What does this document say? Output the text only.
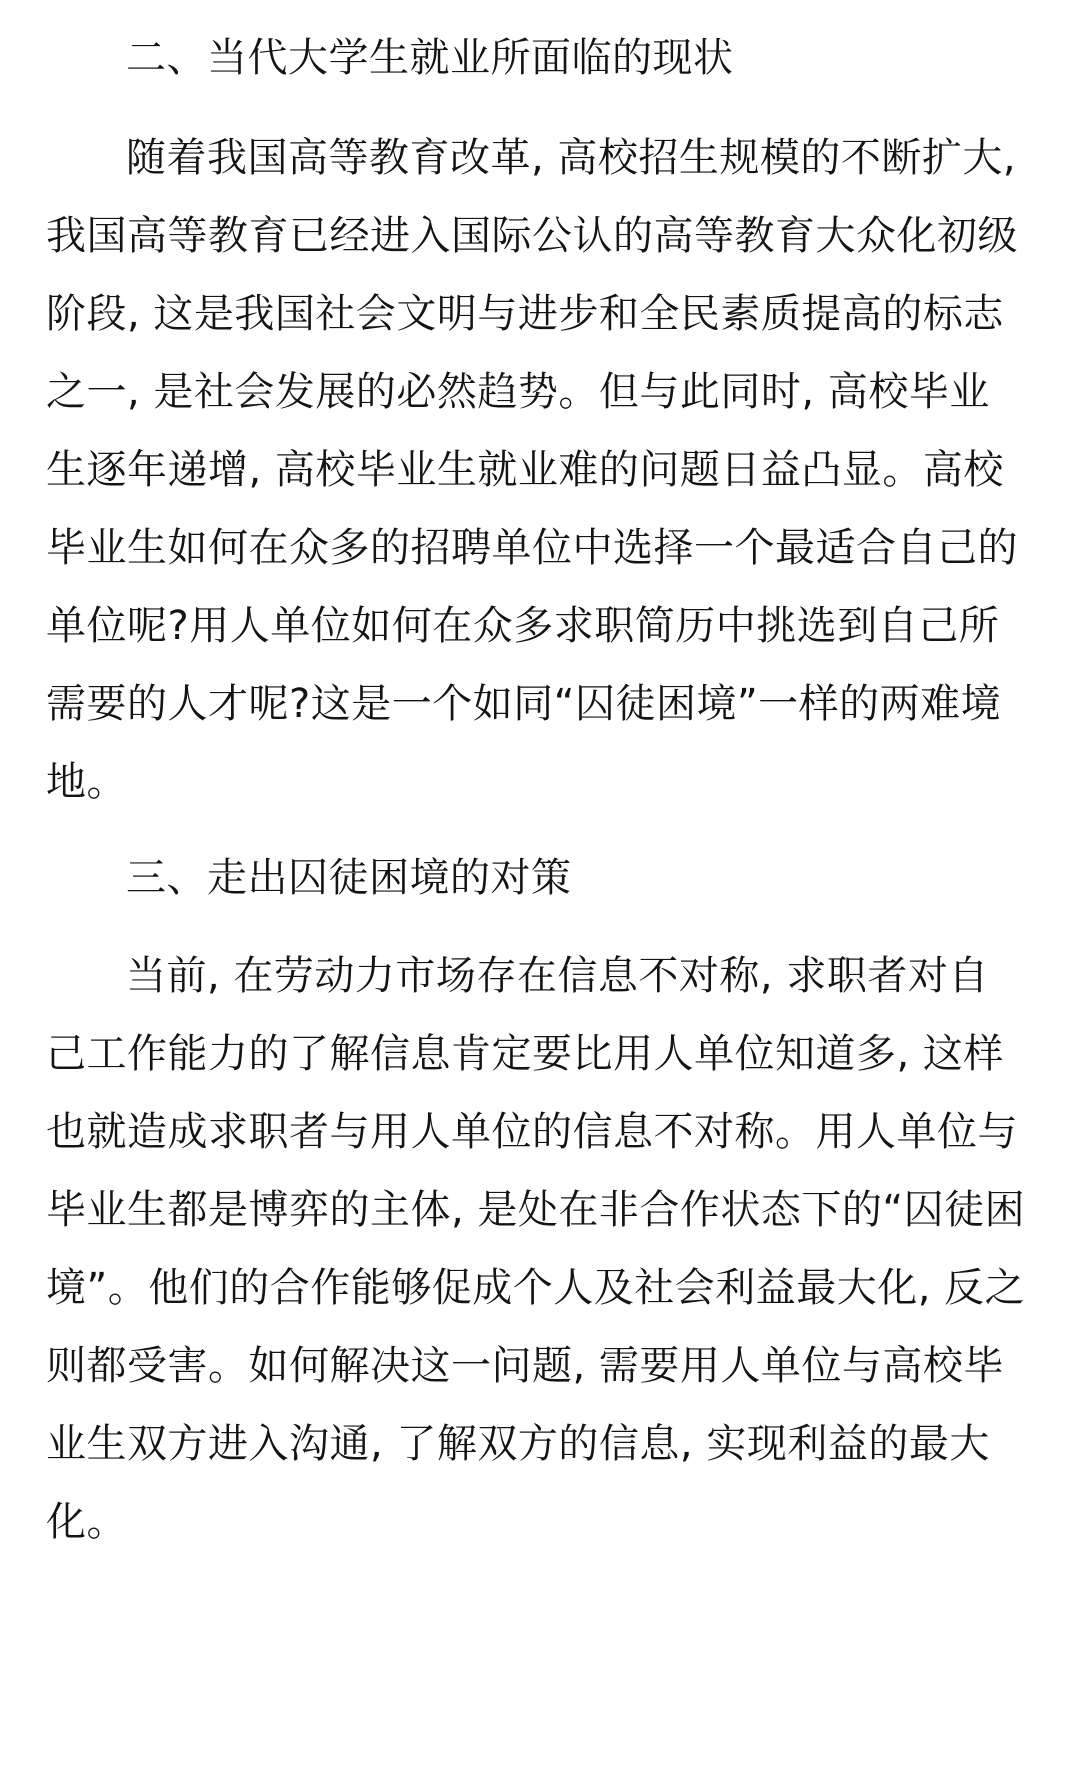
二、当代大学生就业所面临的现状

随着我国高等教育改革, 高校招生规模的不断扩大,

我国高等教育已经进入国际公认的高等教育大众化初级

阶段, 这是我国社会文明与进步和全民素质提高的标志

之一, 是社会发展的必然趋势。但与此同时, 高校毕业

生逐年递增, 高校毕业生就业难的问题日益凸显。高校

毕业生如何在众多的招聘单位中选择一个最适合自己的

单位呢?用人单位如何在众多求职简历中挑选到自己所

需要的人才呢?这是一个如同“囚徒困境”一样的两难境

地。

三、走出囚徒困境的对策

当前, 在劳动力市场存在信息不对称, 求职者对自

己工作能力的了解信息肯定要比用人单位知道多, 这样

也就造成求职者与用人单位的信息不对称。用人单位与

毕业生都是博弈的主体, 是处在非合作状态下的“囚徒困

境”。他们的合作能够促成个人及社会利益最大化, 反之

则都受害。如何解决这一问题, 需要用人单位与高校毕

业生双方进入沟通, 了解双方的信息, 实现利益的最大

化。
